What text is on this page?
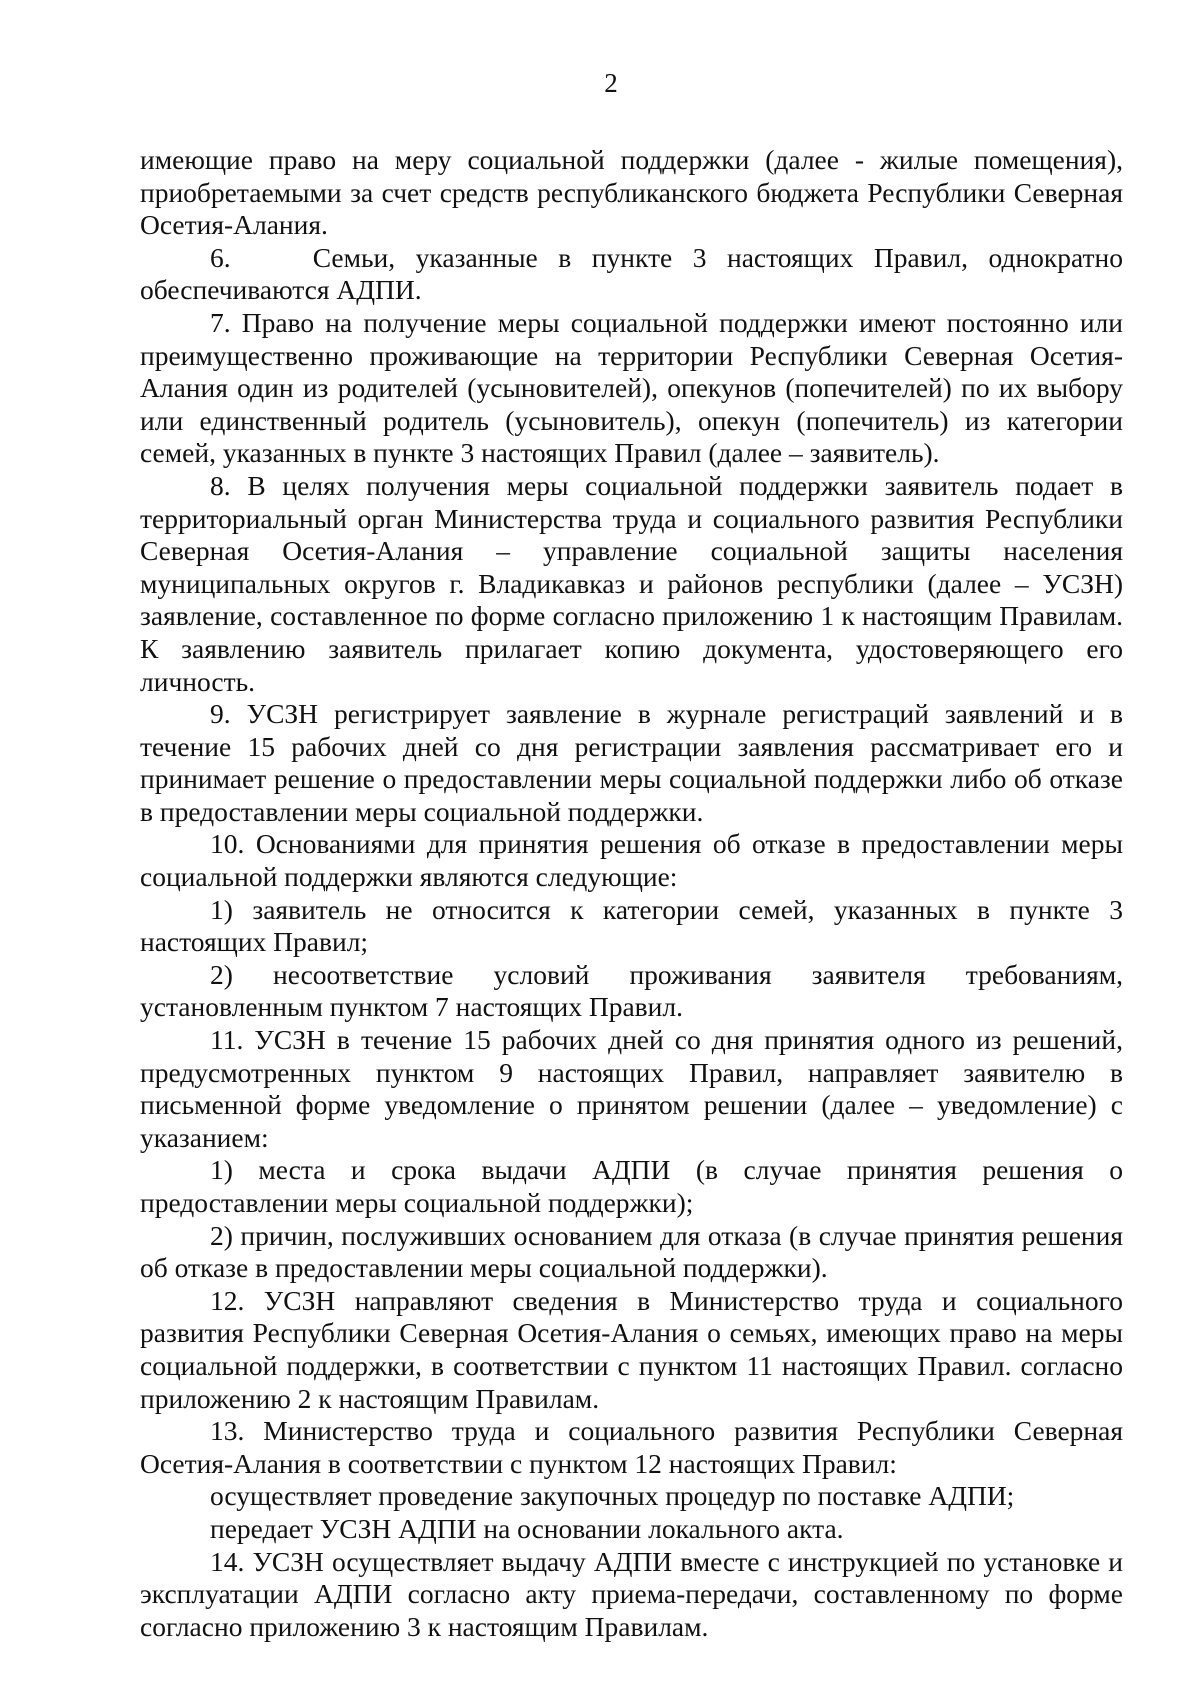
2

имеющие право на меру социальной поддержки (далее - жилые помещения), приобретаемыми за счет средств республиканского бюджета Республики Северная Осетия-Алания.

6.    Семьи, указанные в пункте 3 настоящих Правил, однократно обеспечиваются АДПИ.

7. Право на получение меры социальной поддержки имеют постоянно или преимущественно проживающие на территории Республики Северная Осетия-Алания один из родителей (усыновителей), опекунов (попечителей) по их выбору или единственный родитель (усыновитель), опекун (попечитель) из категории семей, указанных в пункте 3 настоящих Правил (далее – заявитель).

8. В целях получения меры социальной поддержки заявитель подает в территориальный орган Министерства труда и социального развития Республики Северная Осетия-Алания – управление социальной защиты населения муниципальных округов г. Владикавказ и районов республики (далее – УСЗН) заявление, составленное по форме согласно приложению 1 к настоящим Правилам. К заявлению заявитель прилагает копию документа, удостоверяющего его личность.

9. УСЗН регистрирует заявление в журнале регистраций заявлений и в течение 15 рабочих дней со дня регистрации заявления рассматривает его и принимает решение о предоставлении меры социальной поддержки либо об отказе в предоставлении меры социальной поддержки.

10. Основаниями для принятия решения об отказе в предоставлении меры социальной поддержки являются следующие:

1) заявитель не относится к категории семей, указанных в пункте 3 настоящих Правил;

2) несоответствие условий проживания заявителя требованиям, установленным пунктом 7 настоящих Правил.

11. УСЗН в течение 15 рабочих дней со дня принятия одного из решений, предусмотренных пунктом 9 настоящих Правил, направляет заявителю в письменной форме уведомление о принятом решении (далее – уведомление) с указанием:

1) места и срока выдачи АДПИ (в случае принятия решения о предоставлении меры социальной поддержки);

2) причин, послуживших основанием для отказа (в случае принятия решения об отказе в предоставлении меры социальной поддержки).

12. УСЗН направляют сведения в Министерство труда и социального развития Республики Северная Осетия-Алания о семьях, имеющих право на меры социальной поддержки, в соответствии с пунктом 11 настоящих Правил. согласно приложению 2 к настоящим Правилам.

13. Министерство труда и социального развития Республики Северная Осетия-Алания в соответствии с пунктом 12 настоящих Правил:

осуществляет проведение закупочных процедур по поставке АДПИ;

передает УСЗН АДПИ на основании локального акта.

14. УСЗН осуществляет выдачу АДПИ вместе с инструкцией по установке и эксплуатации АДПИ согласно акту приема-передачи, составленному по форме согласно приложению 3 к настоящим Правилам.
